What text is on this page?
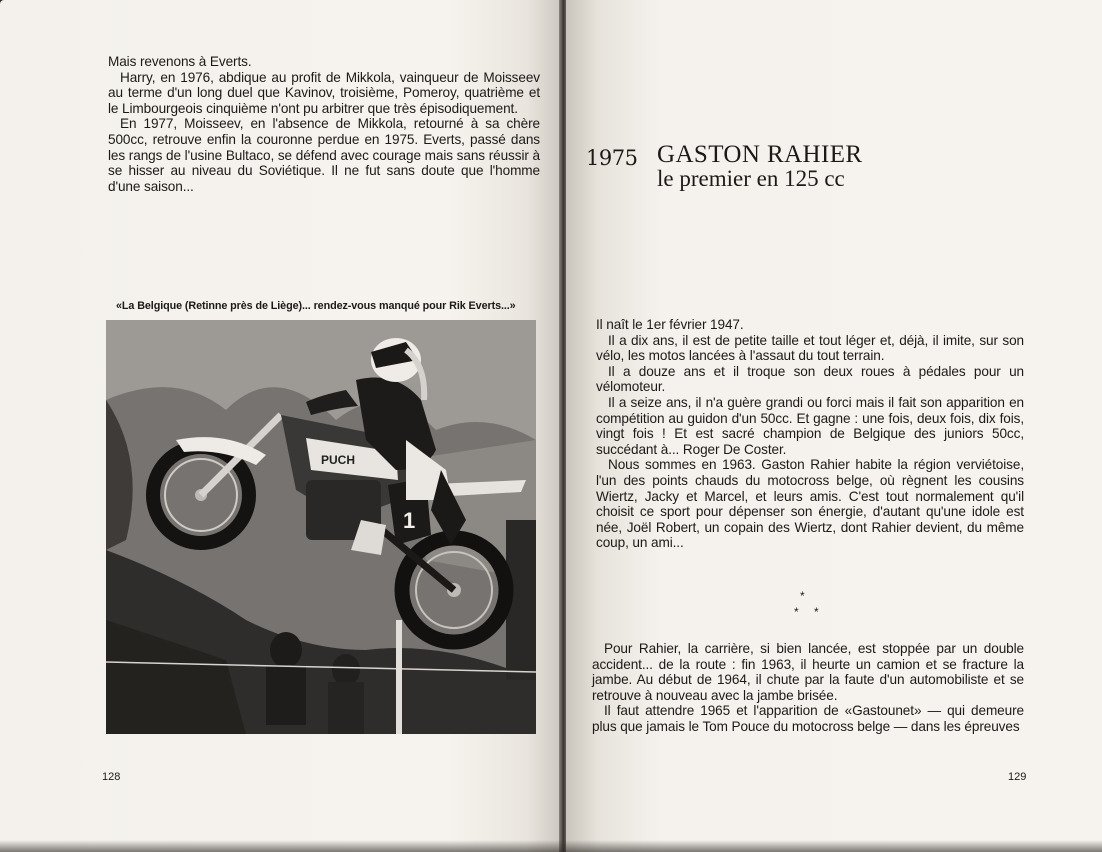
Mais revenons à Everts.

Harry, en 1976, abdique au profit de Mikkola, vainqueur de Moisseev au terme d'un long duel que Kavinov, troisième, Pomeroy, quatrième et le Limbourgeois cinquième n'ont pu arbitrer que très épisodiquement.

En 1977, Moisseev, en l'absence de Mikkola, retourné à sa chère 500cc, retrouve enfin la couronne perdue en 1975. Everts, passé dans les rangs de l'usine Bultaco, se défend avec courage mais sans réussir à se hisser au niveau du Soviétique. Il ne fut sans doute que l'homme d'une saison...

«La Belgique (Retinne près de Liège)... rendez-vous manqué pour Rik Everts...»
1
PUCH
128
1975 GASTON RAHIER
le premier en 125 cc

Il naît le 1er février 1947.

Il a dix ans, il est de petite taille et tout léger et, déjà, il imite, sur son vélo, les motos lancées à l'assaut du tout terrain.

Il a douze ans et il troque son deux roues à pédales pour un vélomoteur.

Il a seize ans, il n'a guère grandi ou forci mais il fait son apparition en compétition au guidon d'un 50cc. Et gagne : une fois, deux fois, dix fois, vingt fois ! Et est sacré champion de Belgique des juniors 50cc, succédant à... Roger De Coster.

Nous sommes en 1963. Gaston Rahier habite la région verviétoise, l'un des points chauds du motocross belge, où règnent les cousins Wiertz, Jacky et Marcel, et leurs amis. C'est tout normalement qu'il choisit ce sport pour dépenser son énergie, d'autant qu'une idole est née, Joël Robert, un copain des Wiertz, dont Rahier devient, du même coup, un ami...

*
* *

Pour Rahier, la carrière, si bien lancée, est stoppée par un double accident... de la route : fin 1963, il heurte un camion et se fracture la jambe. Au début de 1964, il chute par la faute d'un automobiliste et se retrouve à nouveau avec la jambe brisée.

Il faut attendre 1965 et l'apparition de «Gastounet» — qui demeure plus que jamais le Tom Pouce du motocross belge — dans les épreuves

129
